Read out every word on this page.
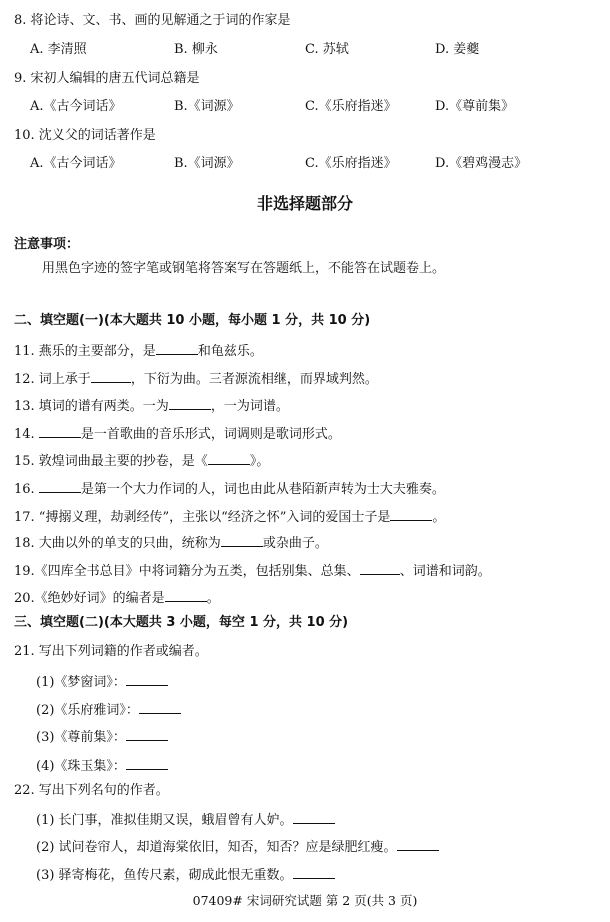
8. 将论诗、文、书、画的见解通之于词的作家是
A. 李清照	B. 柳永	C. 苏轼	D. 姜夔
9. 宋初人编辑的唐五代词总籍是
A.《古今词话》	B.《词源》	C.《乐府指迷》	D.《尊前集》
10. 沈义父的词话著作是
A.《古今词话》	B.《词源》	C.《乐府指迷》	D.《碧鸡漫志》
非选择题部分
注意事项：
用黑色字迹的签字笔或钢笔将答案写在答题纸上，不能答在试题卷上。
二、填空题(一)(本大题共 10 小题，每小题 1 分，共 10 分)
11. 燕乐的主要部分，是	和龟兹乐。
12. 词上承于	，下衍为曲。三者源流相继，而界域判然。
13. 填词的谱有两类。一为	，一为词谱。
14.	是一首歌曲的音乐形式，词调则是歌词形式。
15. 敦煌词曲最主要的抄卷，是《	》。
16.	是第一个大力作词的人，词也由此从巷陌新声转为士大夫雅奏。
17. “搏搦义理，劫剥经传”，主张以“经济之怀”入词的爱国士子是	。
18. 大曲以外的单支的只曲，统称为	或杂曲子。
19.《四库全书总目》中将词籍分为五类，包括别集、总集、	、词谱和词韵。
20.《绝妙好词》的编者是	。
三、填空题(二)(本大题共 3 小题，每空 1 分，共 10 分)
21. 写出下列词籍的作者或编者。
(1)《梦窗词》：
(2)《乐府雅词》：
(3)《尊前集》：
(4)《珠玉集》：
22. 写出下列名句的作者。
(1) 长门事，准拟佳期又误，蛾眉曾有人妒。
(2) 试问卷帘人，却道海棠依旧，知否，知否？应是绿肥红瘦。
(3) 驿寄梅花，鱼传尺素，砌成此恨无重数。
07409# 宋词研究试题 第 2 页(共 3 页)
